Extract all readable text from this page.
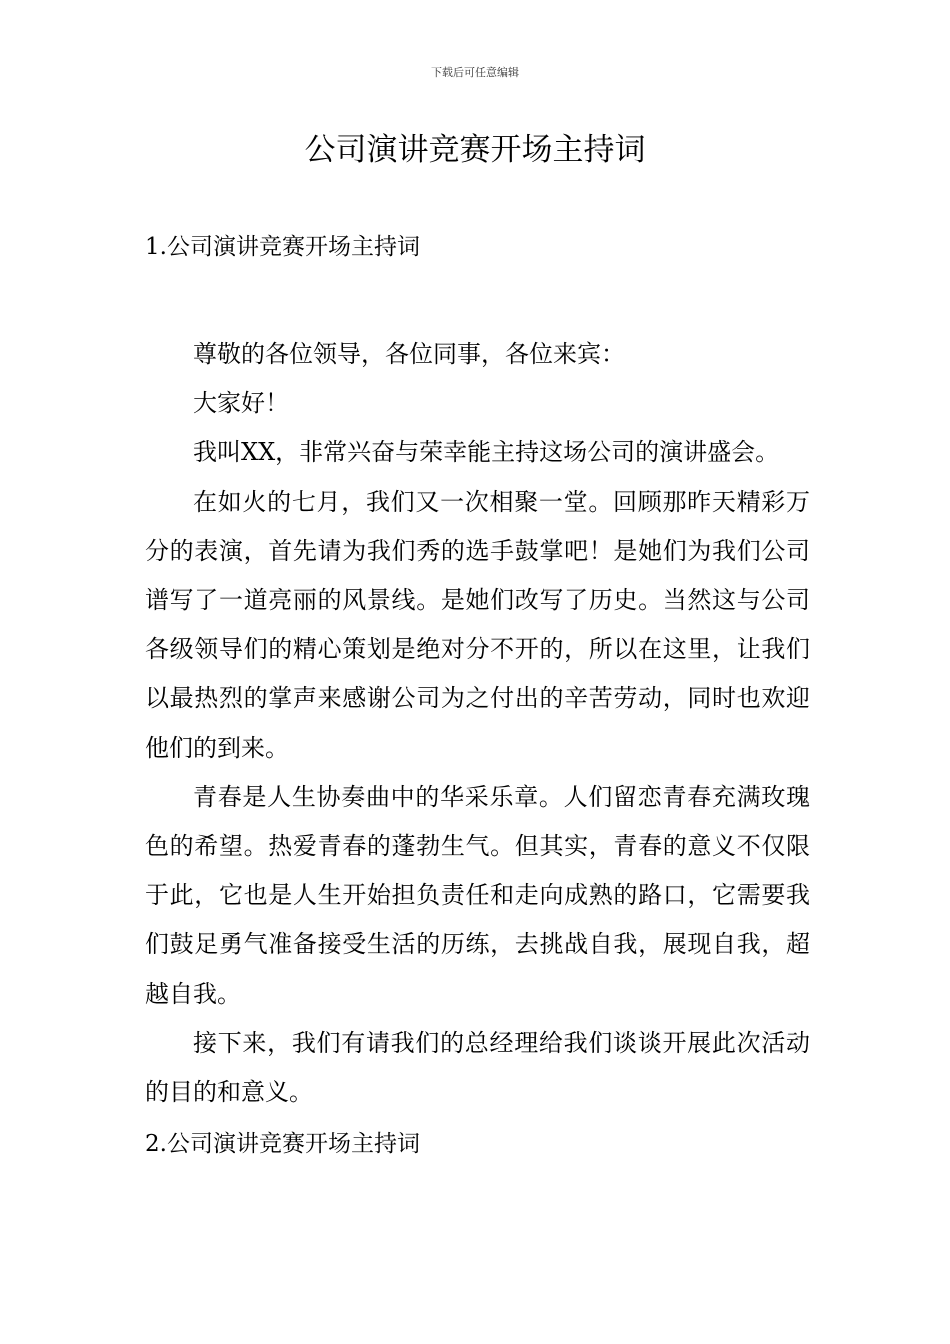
下载后可任意编辑
公司演讲竞赛开场主持词
1.公司演讲竞赛开场主持词

尊敬的各位领导，各位同事，各位来宾：

大家好！

我叫XX，非常兴奋与荣幸能主持这场公司的演讲盛会。

在如火的七月，我们又一次相聚一堂。回顾那昨天精彩万分的表演，首先请为我们秀的选手鼓掌吧！是她们为我们公司谱写了一道亮丽的风景线。是她们改写了历史。当然这与公司各级领导们的精心策划是绝对分不开的，所以在这里，让我们以最热烈的掌声来感谢公司为之付出的辛苦劳动，同时也欢迎他们的到来。

青春是人生协奏曲中的华采乐章。人们留恋青春充满玫瑰色的希望。热爱青春的蓬勃生气。但其实，青春的意义不仅限于此，它也是人生开始担负责任和走向成熟的路口，它需要我们鼓足勇气准备接受生活的历练，去挑战自我，展现自我，超越自我。

接下来，我们有请我们的总经理给我们谈谈开展此次活动的目的和意义。

2.公司演讲竞赛开场主持词
